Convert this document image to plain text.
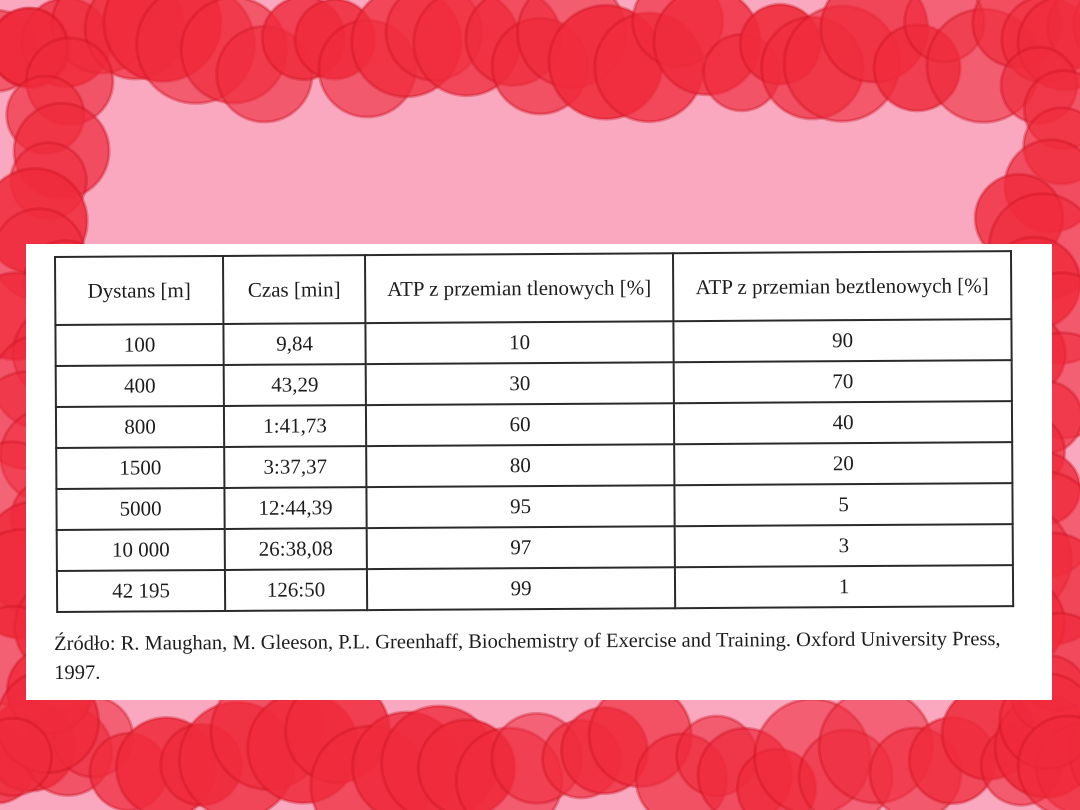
Dystans [m]	Czas [min]	ATP z przemian tlenowych [%]	ATP z przemian beztlenowych [%]
100	9,84	10	90
400	43,29	30	70
800	1:41,73	60	40
1500	3:37,37	80	20
5000	12:44,39	95	5
10 000	26:38,08	97	3
42 195	126:50	99	1
Źródło: R. Maughan, M. Gleeson, P.L. Greenhaff, Biochemistry of Exercise and Training. Oxford University Press, 1997.
